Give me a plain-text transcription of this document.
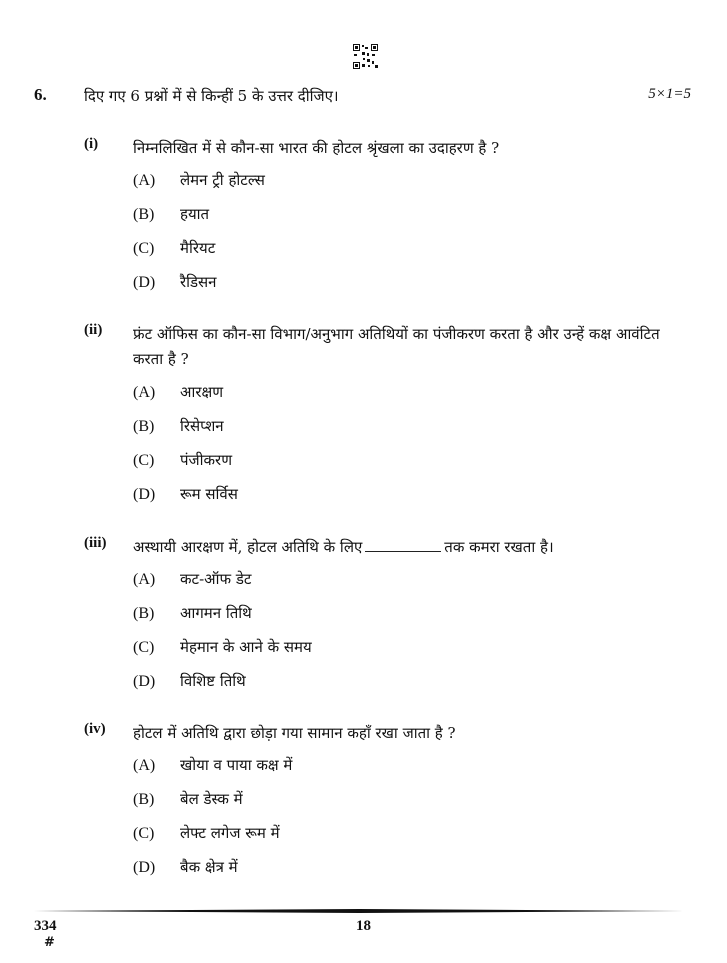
6. दिए गए 6 प्रश्नों में से किन्हीं 5 के उत्तर दीजिए।	5×1=5
(i) निम्नलिखित में से कौन-सा भारत की होटल श्रृंखला का उदाहरण है ?
(A) लेमन ट्री होटल्स
(B) हयात
(C) मैरियट
(D) रैडिसन
(ii) फ्रंट ऑफिस का कौन-सा विभाग/अनुभाग अतिथियों का पंजीकरण करता है और उन्हें कक्ष आवंटित करता है ?
(A) आरक्षण
(B) रिसेप्शन
(C) पंजीकरण
(D) रूम सर्विस
(iii) अस्थायी आरक्षण में, होटल अतिथि के लिए	तक कमरा रखता है।
(A) कट-ऑफ डेट
(B) आगमन तिथि
(C) मेहमान के आने के समय
(D) विशिष्ट तिथि
(iv) होटल में अतिथि द्वारा छोड़ा गया सामान कहाँ रखा जाता है ?
(A) खोया व पाया कक्ष में
(B) बेल डेस्क में
(C) लेफ्ट लगेज रूम में
(D) बैक क्षेत्र में
334
#
18
